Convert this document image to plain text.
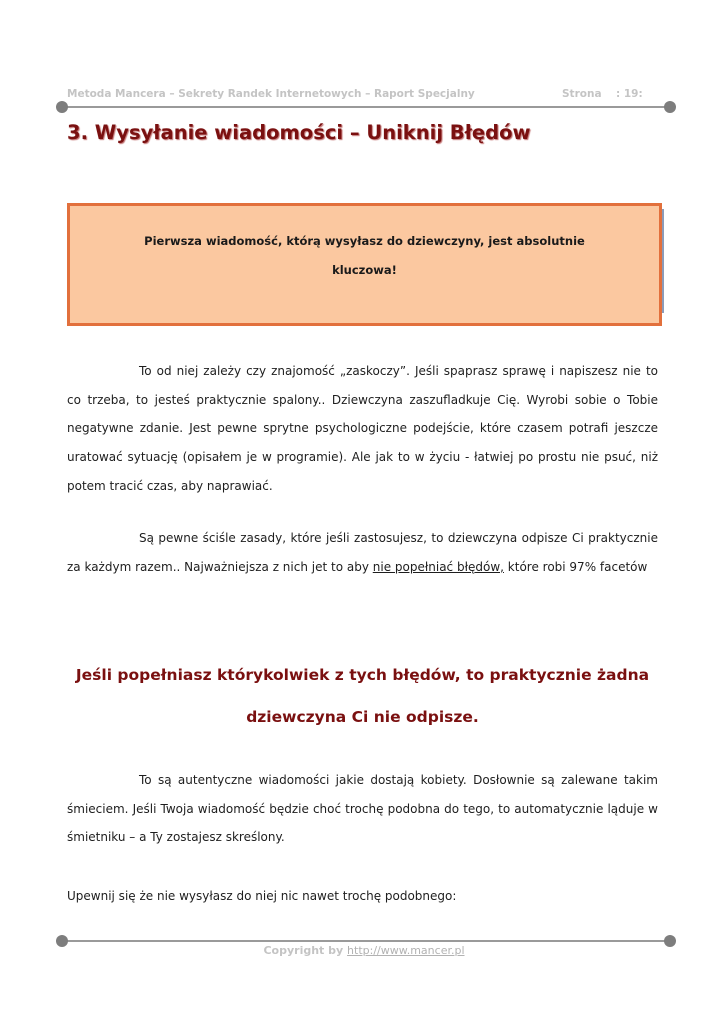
Metoda Mancera – Sekrety Randek Internetowych – Raport Specjalny	Strona : 19:
3. Wysyłanie wiadomości – Uniknij Błędów

Pierwsza wiadomość, którą wysyłasz do dziewczyny, jest absolutnie

kluczowa!

To od niej zależy czy znajomość „zaskoczy”. Jeśli spaprasz sprawę i napiszesz nie to co trzeba, to jesteś praktycznie spalony.. Dziewczyna zaszufladkuje Cię. Wyrobi sobie o Tobie negatywne zdanie. Jest pewne sprytne psychologiczne podejście, które czasem potrafi jeszcze uratować sytuację (opisałem je w programie). Ale jak to w życiu - łatwiej po prostu nie psuć, niż potem tracić czas, aby naprawiać.

Są pewne ściśle zasady, które jeśli zastosujesz, to dziewczyna odpisze Ci praktycznie za każdym razem.. Najważniejsza z nich jet to aby nie popełniać błędów, które robi 97% facetów

Jeśli popełniasz którykolwiek z tych błędów, to praktycznie żadna
dziewczyna Ci nie odpisze.

To są autentyczne wiadomości jakie dostają kobiety. Dosłownie są zalewane takim śmieciem. Jeśli Twoja wiadomość będzie choć trochę podobna do tego, to automatycznie ląduje w śmietniku – a Ty zostajesz skreślony.

Upewnij się że nie wysyłasz do niej nic nawet trochę podobnego:

Copyright by http://www.mancer.pl
